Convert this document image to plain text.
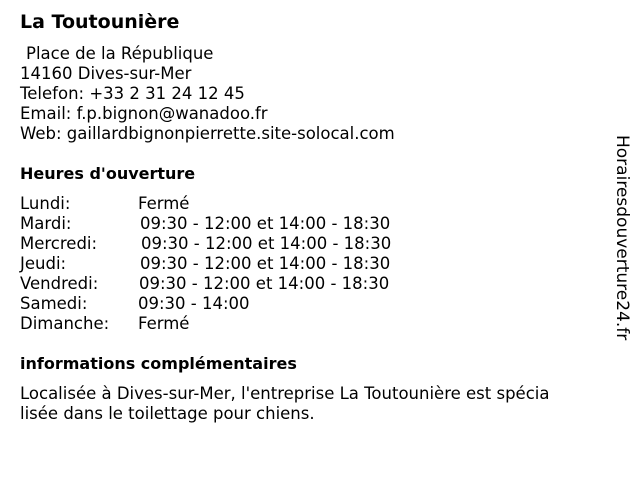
La Toutounière
Place de la République
14160 Dives-sur-Mer
Telefon: +33 2 31 24 12 45
Email: f.p.bignon@wanadoo.fr
Web: gaillardbignonpierrette.site-solocal.com
Heures d'ouverture
Lundi:	Fermé
Mardi:	09:30 - 12:00 et 14:00 - 18:30
Mercredi:	09:30 - 12:00 et 14:00 - 18:30
Jeudi:	09:30 - 12:00 et 14:00 - 18:30
Vendredi: 09:30 - 12:00 et 14:00 - 18:30
Samedi:	09:30 - 14:00
Dimanche: Fermé
informations complémentaires
Localisée à Dives-sur-Mer, l'entreprise La Toutounière est spécia
lisée dans le toilettage pour chiens.
Horairesdouverture24.fr
